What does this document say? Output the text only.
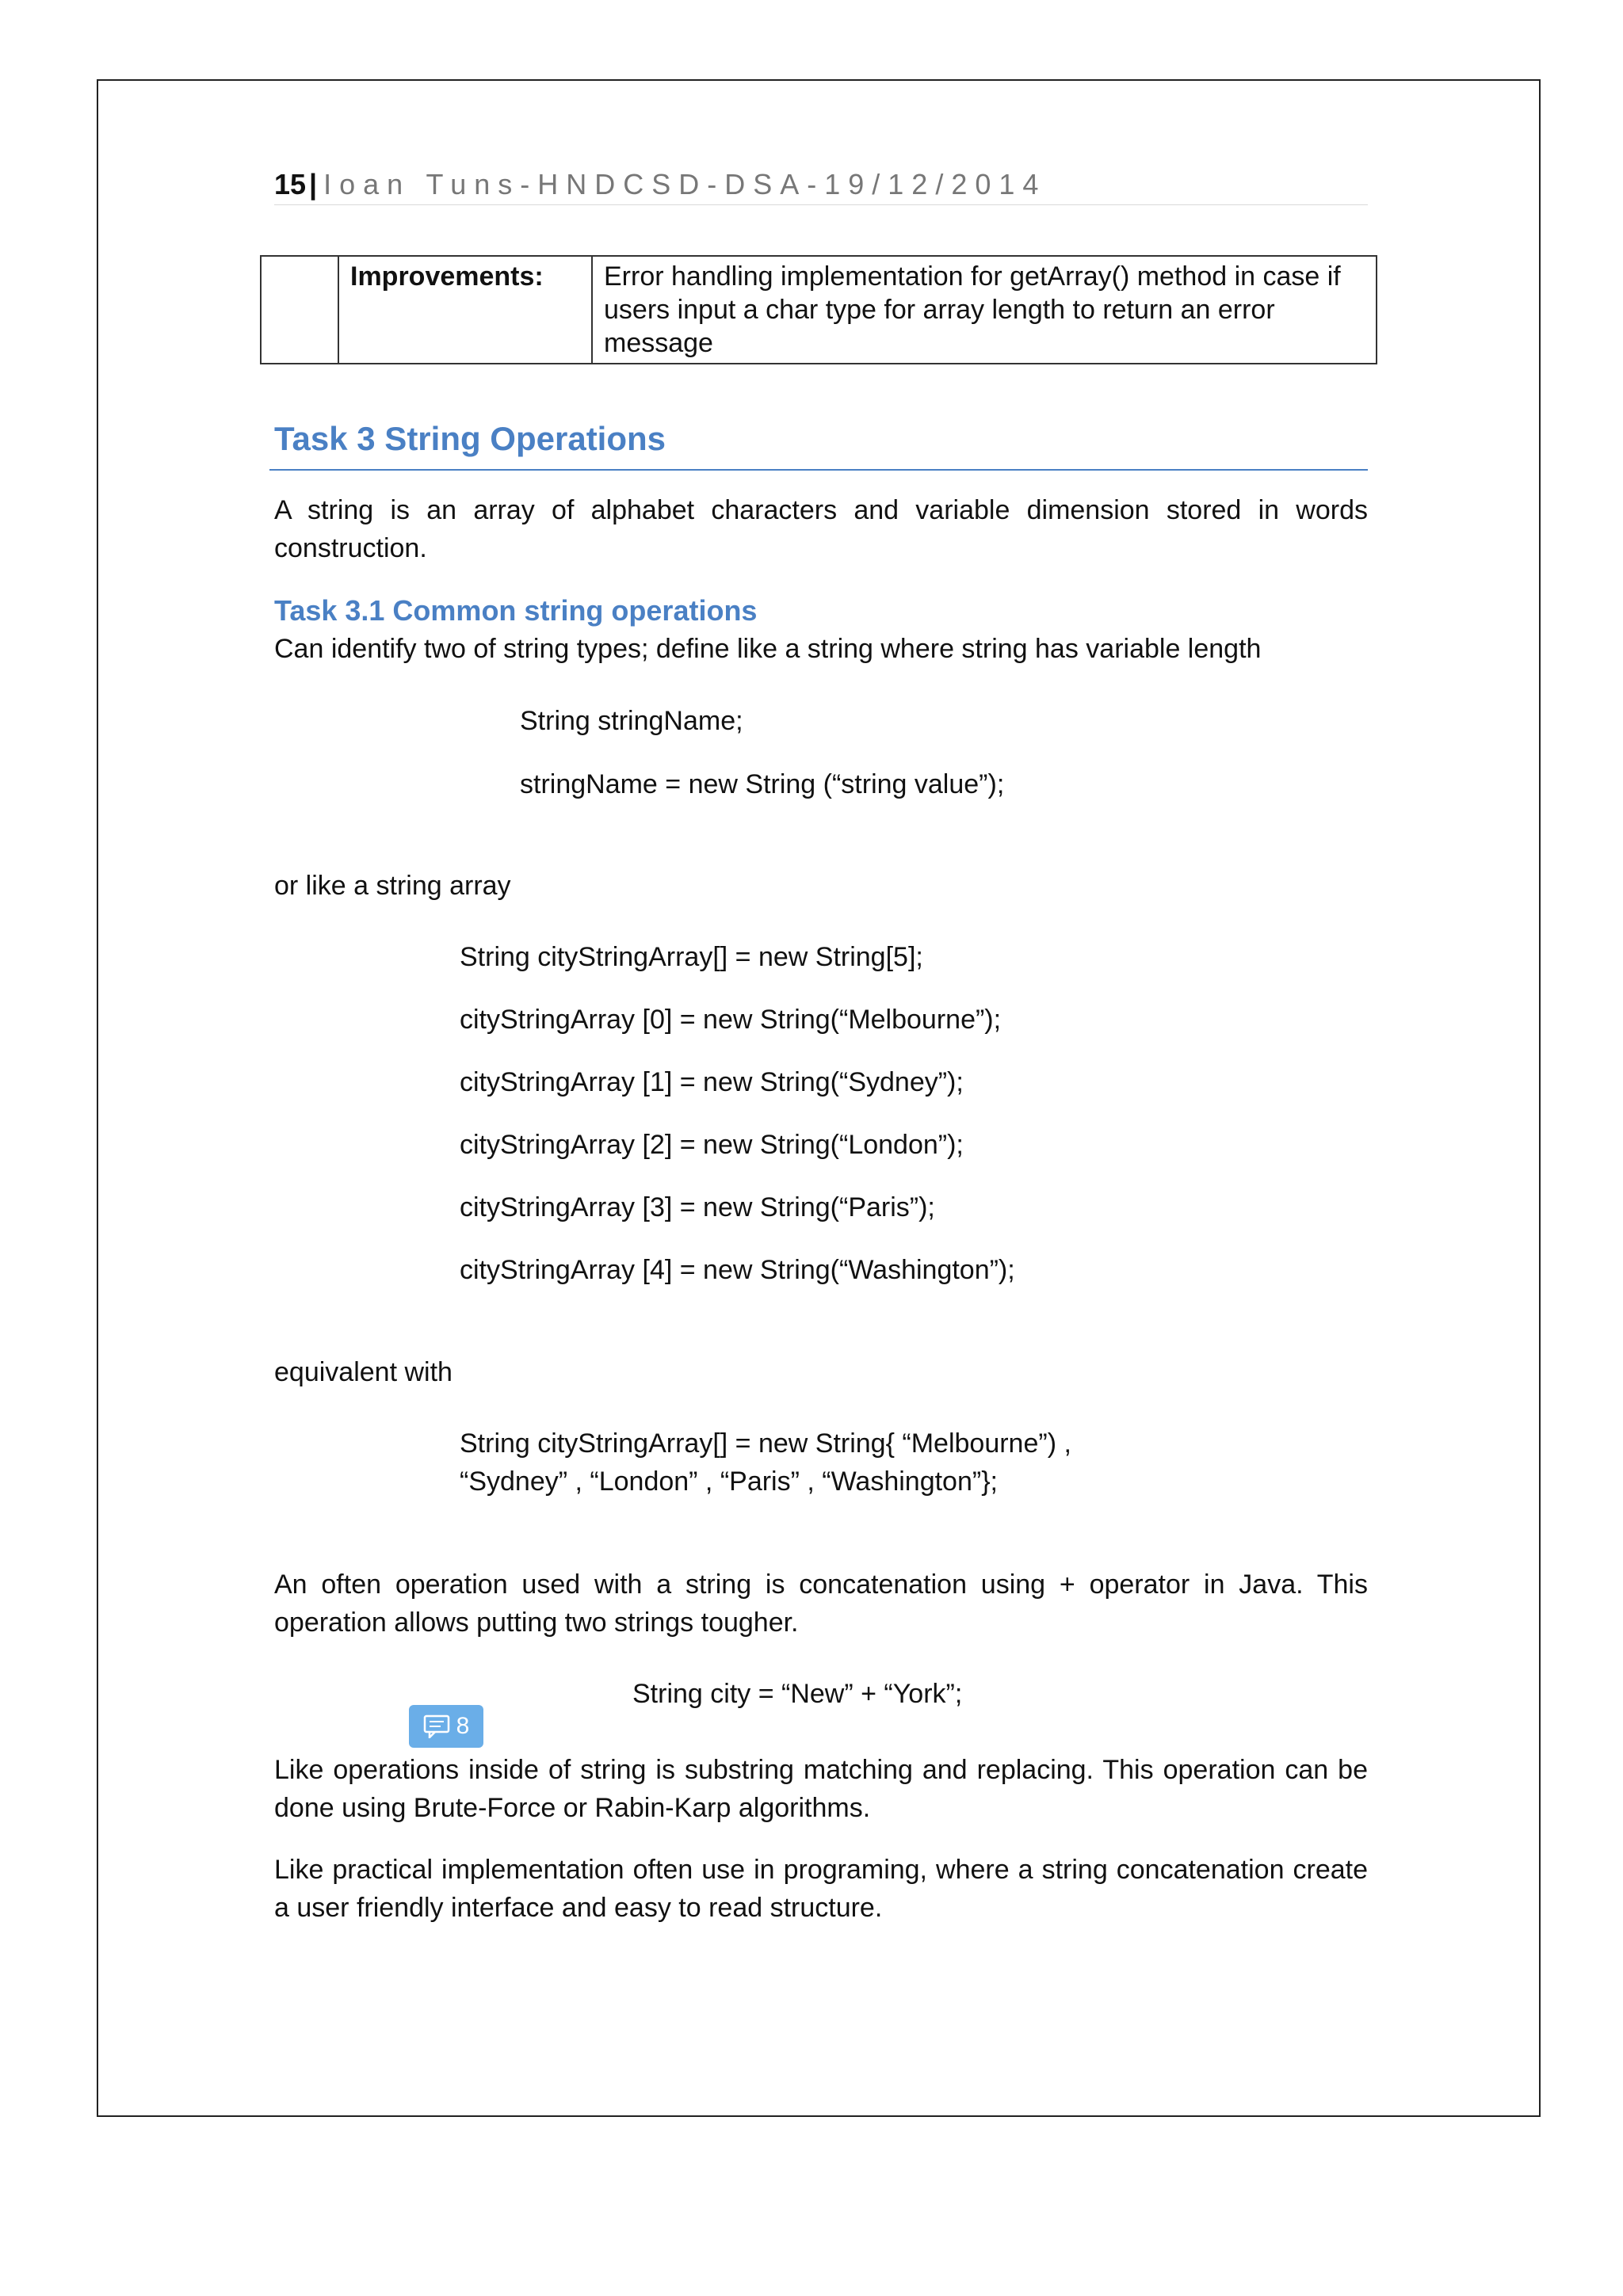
15 | Ioan Tuns-HNDCSD-DSA-19/12/2014
	Improvements:	Error handling implementation for getArray() method in case if users input a char type for array length to return an error message
Task 3 String Operations
A string is an array of alphabet characters and variable dimension stored in words construction.
Task 3.1 Common string operations
Can identify two of string types; define like a string where string has variable length
String stringName;
stringName = new String (“string value”);
or like a string array
String cityStringArray[] = new String[5];
cityStringArray [0] = new String(“Melbourne”);
cityStringArray [1] = new String(“Sydney”);
cityStringArray [2] = new String(“London”);
cityStringArray [3] = new String(“Paris”);
cityStringArray [4] = new String(“Washington”);
equivalent with
String cityStringArray[] = new String{ “Melbourne”) ,
“Sydney” , “London” , “Paris” , “Washington”};
An often operation used with a string is concatenation using + operator in Java. This operation allows putting two strings tougher.
String city = “New” + “York”;
8
Like operations inside of string is substring matching and replacing. This operation can be done using Brute-Force or Rabin-Karp algorithms.
Like practical implementation often use in programing, where a string concatenation create a user friendly interface and easy to read structure.
